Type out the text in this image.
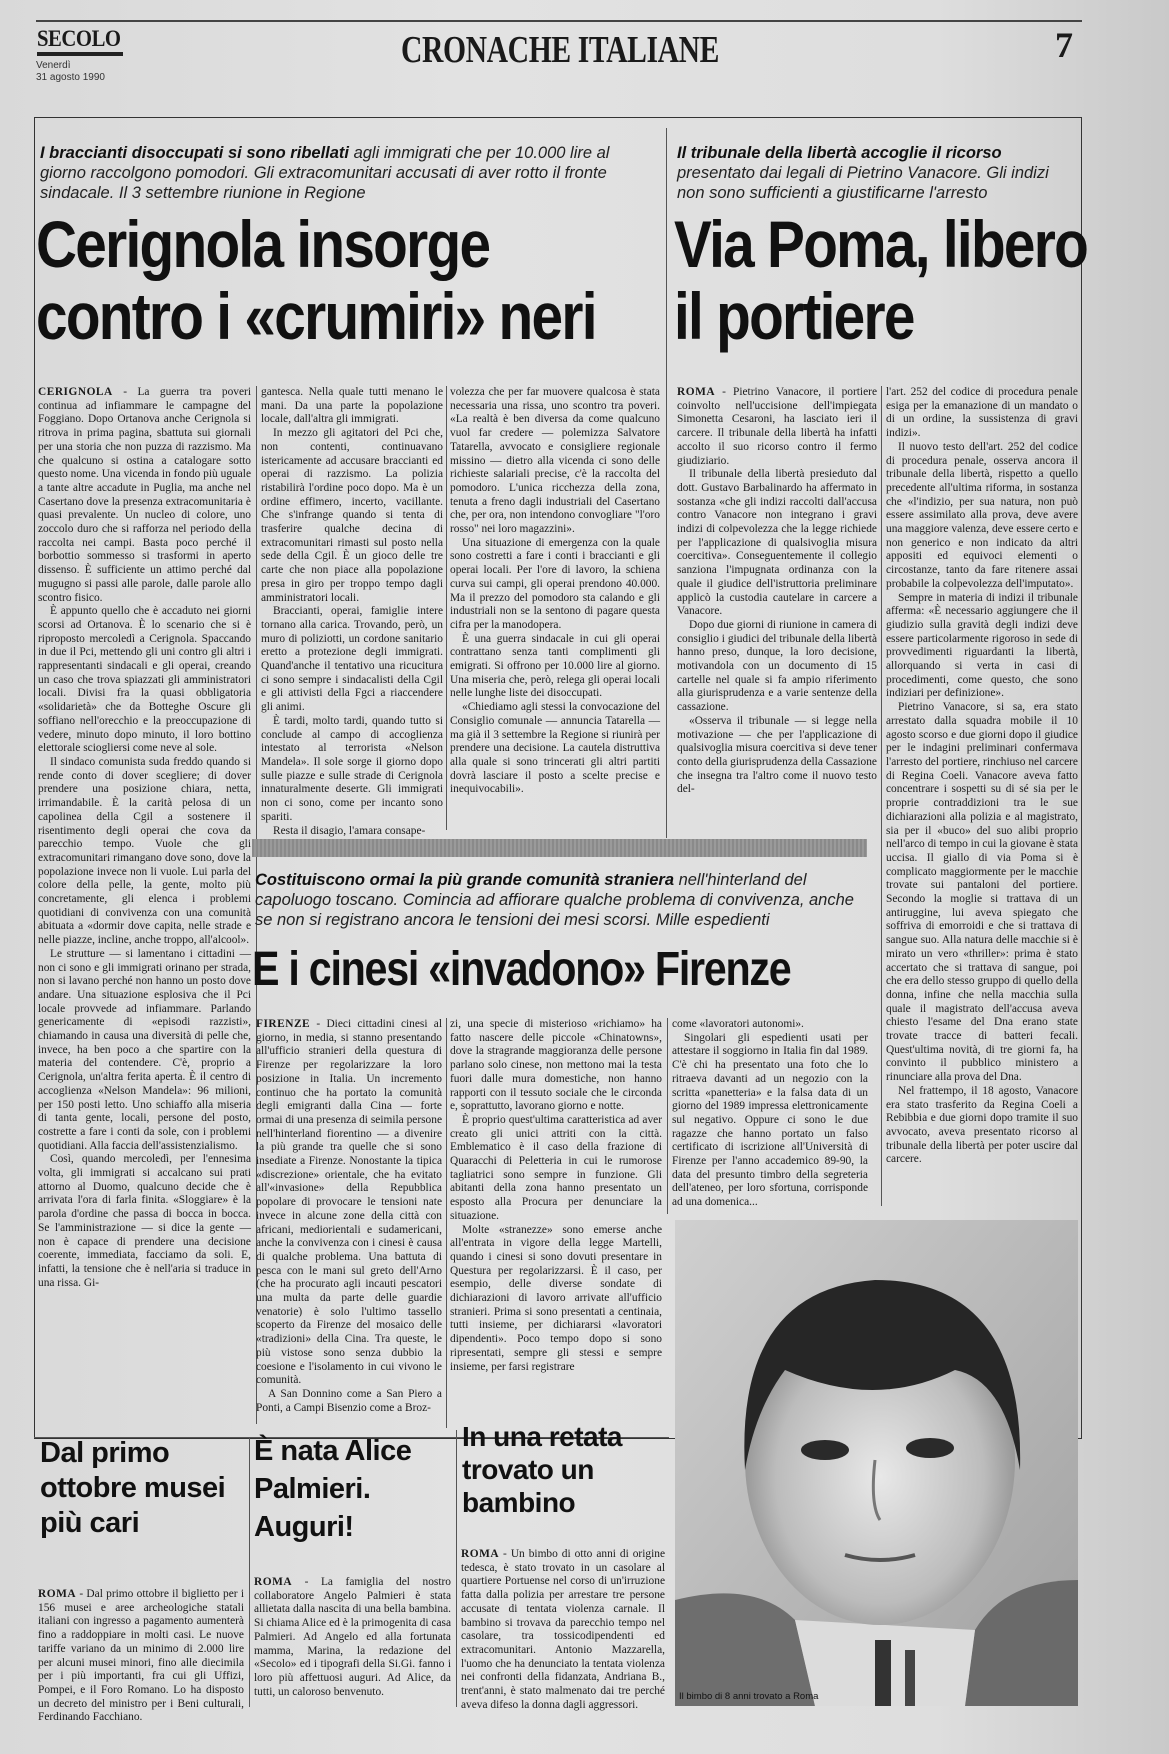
SECOLO
Venerdì
31 agosto 1990
CRONACHE ITALIANE	7
I braccianti disoccupati si sono ribellati agli immigrati che per 10.000 lire al giorno raccolgono pomodori. Gli extracomunitari accusati di aver rotto il fronte sindacale. Il 3 settembre riunione in Regione
Cerignola insorge
contro i «crumiri» neri

CERIGNOLA - La guerra tra poveri continua ad infiammare le campagne del Foggiano. Dopo Ortanova anche Cerignola si ritrova in prima pagina, sbattuta sui giornali per una storia che non puzza di razzismo. Ma che qualcuno si ostina a catalogare sotto questo nome. Una vicenda in fondo più uguale a tante altre accadute in Puglia, ma anche nel Casertano dove la presenza extracomunitaria è quasi prevalente. Un nucleo di colore, uno zoccolo duro che si rafforza nel periodo della raccolta nei campi. Basta poco perché il borbottio sommesso si trasformi in aperto dissenso. È sufficiente un attimo perché dal mugugno si passi alle parole, dalle parole allo scontro fisico.

È appunto quello che è accaduto nei giorni scorsi ad Ortanova. È lo scenario che si è riproposto mercoledì a Cerignola. Spaccando in due il Pci, mettendo gli uni contro gli altri i rappresentanti sindacali e gli operai, creando un caso che trova spiazzati gli amministratori locali. Divisi fra la quasi obbligatoria «solidarietà» che da Botteghe Oscure gli soffiano nell'orecchio e la preoccupazione di vedere, minuto dopo minuto, il loro bottino elettorale sciogliersi come neve al sole.

Il sindaco comunista suda freddo quando si rende conto di dover scegliere; di dover prendere una posizione chiara, netta, irrimandabile. È la carità pelosa di un capolinea della Cgil a sostenere il risentimento degli operai che cova da parecchio tempo. Vuole che gli extracomunitari rimangano dove sono, dove la popolazione invece non li vuole. Lui parla del colore della pelle, la gente, molto più concretamente, gli elenca i problemi quotidiani di convivenza con una comunità abituata a «dormir dove capita, nelle strade e nelle piazze, incline, anche troppo, all'alcool».

Le strutture — si lamentano i cittadini — non ci sono e gli immigrati orinano per strada, non si lavano perché non hanno un posto dove andare. Una situazione esplosiva che il Pci locale provvede ad infiammare. Parlando genericamente di «episodi razzisti», chiamando in causa una diversità di pelle che, invece, ha ben poco a che spartire con la materia del contendere. C'è, proprio a Cerignola, un'altra ferita aperta. È il centro di accoglienza «Nelson Mandela»: 96 milioni, per 150 posti letto. Uno schiaffo alla miseria di tanta gente, locali, persone del posto, costrette a fare i conti da sole, con i problemi quotidiani. Alla faccia dell'assistenzialismo.

Così, quando mercoledì, per l'ennesima volta, gli immigrati si accalcano sui prati attorno al Duomo, qualcuno decide che è arrivata l'ora di farla finita. «Sloggiare» è la parola d'ordine che passa di bocca in bocca. Se l'amministrazione — si dice la gente — non è capace di prendere una decisione coerente, immediata, facciamo da soli. E, infatti, la tensione che è nell'aria si traduce in una rissa. Gi-

gantesca. Nella quale tutti menano le mani. Da una parte la popolazione locale, dall'altra gli immigrati.

In mezzo gli agitatori del Pci che, non contenti, continuavano istericamente ad accusare braccianti ed operai di razzismo. La polizia ristabilirà l'ordine poco dopo. Ma è un ordine effimero, incerto, vacillante. Che s'infrange quando si tenta di trasferire qualche decina di extracomunitari rimasti sul posto nella sede della Cgil. È un gioco delle tre carte che non piace alla popolazione presa in giro per troppo tempo dagli amministratori locali.

Braccianti, operai, famiglie intere tornano alla carica. Trovando, però, un muro di poliziotti, un cordone sanitario eretto a protezione degli immigrati. Quand'anche il tentativo una ricucitura ci sono sempre i sindacalisti della Cgil e gli attivisti della Fgci a riaccendere gli animi.

È tardi, molto tardi, quando tutto si conclude al campo di accoglienza intestato al terrorista «Nelson Mandela». Il sole sorge il giorno dopo sulle piazze e sulle strade di Cerignola innaturalmente deserte. Gli immigrati non ci sono, come per incanto sono spariti.

Resta il disagio, l'amara consape-

volezza che per far muovere qualcosa è stata necessaria una rissa, uno scontro tra poveri. «La realtà è ben diversa da come qualcuno vuol far credere — polemizza Salvatore Tatarella, avvocato e consigliere regionale missino — dietro alla vicenda ci sono delle richieste salariali precise, c'è la raccolta del pomodoro. L'unica ricchezza della zona, tenuta a freno dagli industriali del Casertano che, per ora, non intendono convogliare "l'oro rosso" nei loro magazzini».

Una situazione di emergenza con la quale sono costretti a fare i conti i braccianti e gli operai locali. Per l'ore di lavoro, la schiena curva sui campi, gli operai prendono 40.000. Ma il prezzo del pomodoro sta calando e gli industriali non se la sentono di pagare questa cifra per la manodopera.

È una guerra sindacale in cui gli operai contrattano senza tanti complimenti gli emigrati. Si offrono per 10.000 lire al giorno. Una miseria che, però, relega gli operai locali nelle lunghe liste dei disoccupati.

«Chiediamo agli stessi la convocazione del Consiglio comunale — annuncia Tatarella — ma già il 3 settembre la Regione si riunirà per prendere una decisione. La cautela distruttiva alla quale si sono trincerati gli altri partiti dovrà lasciare il posto a scelte precise e inequivocabili».

Il tribunale della libertà accoglie il ricorso presentato dai legali di Pietrino Vanacore. Gli indizi non sono sufficienti a giustificarne l'arresto
Via Poma, libero
il portiere

ROMA - Pietrino Vanacore, il portiere coinvolto nell'uccisione dell'impiegata Simonetta Cesaroni, ha lasciato ieri il carcere. Il tribunale della libertà ha infatti accolto il suo ricorso contro il fermo giudiziario.

Il tribunale della libertà presieduto dal dott. Gustavo Barbalinardo ha affermato in sostanza «che gli indizi raccolti dall'accusa contro Vanacore non integrano i gravi indizi di colpevolezza che la legge richiede per l'applicazione di qualsivoglia misura coercitiva». Conseguentemente il collegio sanziona l'impugnata ordinanza con la quale il giudice dell'istruttoria preliminare applicò la custodia cautelare in carcere a Vanacore.

Dopo due giorni di riunione in camera di consiglio i giudici del tribunale della libertà hanno preso, dunque, la loro decisione, motivandola con un documento di 15 cartelle nel quale si fa ampio riferimento alla giurisprudenza e a varie sentenze della cassazione.

«Osserva il tribunale — si legge nella motivazione — che per l'applicazione di qualsivoglia misura coercitiva si deve tener conto della giurisprudenza della Cassazione che insegna tra l'altro come il nuovo testo del-

l'art. 252 del codice di procedura penale esiga per la emanazione di un mandato o di un ordine, la sussistenza di gravi indizi».

Il nuovo testo dell'art. 252 del codice di procedura penale, osserva ancora il tribunale della libertà, rispetto a quello precedente all'ultima riforma, in sostanza che «l'indizio, per sua natura, non può essere assimilato alla prova, deve avere una maggiore valenza, deve essere certo e non generico e non indicato da altri appositi ed equivoci elementi o circostanze, tanto da fare ritenere assai probabile la colpevolezza dell'imputato».

Sempre in materia di indizi il tribunale afferma: «È necessario aggiungere che il giudizio sulla gravità degli indizi deve essere particolarmente rigoroso in sede di provvedimenti riguardanti la libertà, allorquando si verta in casi di procedimenti, come questo, che sono indiziari per definizione».

Pietrino Vanacore, si sa, era stato arrestato dalla squadra mobile il 10 agosto scorso e due giorni dopo il giudice per le indagini preliminari confermava l'arresto del portiere, rinchiuso nel carcere di Regina Coeli. Vanacore aveva fatto concentrare i sospetti su di sé sia per le proprie contraddizioni tra le sue dichiarazioni alla polizia e al magistrato, sia per il «buco» del suo alibi proprio nell'arco di tempo in cui la giovane è stata uccisa. Il giallo di via Poma si è complicato maggiormente per le macchie trovate sui pantaloni del portiere. Secondo la moglie si trattava di un antiruggine, lui aveva spiegato che soffriva di emorroidi e che si trattava di sangue suo. Alla natura delle macchie si è mirato un vero «thriller»: prima è stato accertato che si trattava di sangue, poi che era dello stesso gruppo di quello della donna, infine che nella macchia sulla quale il magistrato dell'accusa aveva chiesto l'esame del Dna erano state trovate tracce di batteri fecali. Quest'ultima novità, di tre giorni fa, ha convinto il pubblico ministero a rinunciare alla prova del Dna.

Nel frattempo, il 18 agosto, Vanacore era stato trasferito da Regina Coeli a Rebibbia e due giorni dopo tramite il suo avvocato, aveva presentato ricorso al tribunale della libertà per poter uscire dal carcere.

Costituiscono ormai la più grande comunità straniera nell'hinterland del capoluogo toscano. Comincia ad affiorare qualche problema di convivenza, anche se non si registrano ancora le tensioni dei mesi scorsi. Mille espedienti
E i cinesi «invadono» Firenze

FIRENZE - Dieci cittadini cinesi al giorno, in media, si stanno presentando all'ufficio stranieri della questura di Firenze per regolarizzare la loro posizione in Italia. Un incremento continuo che ha portato la comunità degli emigranti dalla Cina — forte ormai di una presenza di seimila persone nell'hinterland fiorentino — a divenire la più grande tra quelle che si sono insediate a Firenze. Nonostante la tipica «discrezione» orientale, che ha evitato all'«invasione» della Repubblica popolare di provocare le tensioni nate invece in alcune zone della città con africani, mediorientali e sudamericani, anche la convivenza con i cinesi è causa di qualche problema. Una battuta di pesca con le mani sul greto dell'Arno (che ha procurato agli incauti pescatori una multa da parte delle guardie venatorie) è solo l'ultimo tassello scoperto da Firenze del mosaico delle «tradizioni» della Cina. Tra queste, le più vistose sono senza dubbio la coesione e l'isolamento in cui vivono le comunità.

A San Donnino come a San Piero a Ponti, a Campi Bisenzio come a Broz-

zi, una specie di misterioso «richiamo» ha fatto nascere delle piccole «Chinatowns», dove la stragrande maggioranza delle persone parlano solo cinese, non mettono mai la testa fuori dalle mura domestiche, non hanno rapporti con il tessuto sociale che le circonda e, soprattutto, lavorano giorno e notte.

È proprio quest'ultima caratteristica ad aver creato gli unici attriti con la città. Emblematico è il caso della frazione di Quaracchi di Peletteria in cui le rumorose tagliatrici sono sempre in funzione. Gli abitanti della zona hanno presentato un esposto alla Procura per denunciare la situazione.

Molte «stranezze» sono emerse anche all'entrata in vigore della legge Martelli, quando i cinesi si sono dovuti presentare in Questura per regolarizzarsi. È il caso, per esempio, delle diverse sondate di dichiarazioni di lavoro arrivate all'ufficio stranieri. Prima si sono presentati a centinaia, tutti insieme, per dichiararsi «lavoratori dipendenti». Poco tempo dopo si sono ripresentati, sempre gli stessi e sempre insieme, per farsi registrare

come «lavoratori autonomi».

Singolari gli espedienti usati per attestare il soggiorno in Italia fin dal 1989. C'è chi ha presentato una foto che lo ritraeva davanti ad un negozio con la scritta «panetteria» e la falsa data di un giorno del 1989 impressa elettronicamente sul negativo. Oppure ci sono le due ragazze che hanno portato un falso certificato di iscrizione all'Università di Firenze per l'anno accademico 89-90, la data del presunto timbro della segreteria dell'ateneo, per loro sfortuna, corrisponde ad una domenica...

Il bimbo di 8 anni trovato a Roma
Dal primo ottobre musei più cari

ROMA - Dal primo ottobre il biglietto per i 156 musei e aree archeologiche statali italiani con ingresso a pagamento aumenterà fino a raddoppiare in molti casi. Le nuove tariffe variano da un minimo di 2.000 lire per alcuni musei minori, fino alle diecimila per i più importanti, fra cui gli Uffizi, Pompei, e il Foro Romano. Lo ha disposto un decreto del ministro per i Beni culturali, Ferdinando Facchiano.

È nata Alice Palmieri. Auguri!

ROMA - La famiglia del nostro collaboratore Angelo Palmieri è stata allietata dalla nascita di una bella bambina. Si chiama Alice ed è la primogenita di casa Palmieri. Ad Angelo ed alla fortunata mamma, Marina, la redazione del «Secolo» ed i tipografi della Si.Gi. fanno i loro più affettuosi auguri. Ad Alice, da tutti, un caloroso benvenuto.

In una retata trovato un bambino

ROMA - Un bimbo di otto anni di origine tedesca, è stato trovato in un casolare al quartiere Portuense nel corso di un'irruzione fatta dalla polizia per arrestare tre persone accusate di tentata violenza carnale. Il bambino si trovava da parecchio tempo nel casolare, tra tossicodipendenti ed extracomunitari. Antonio Mazzarella, l'uomo che ha denunciato la tentata violenza nei confronti della fidanzata, Andriana B., trent'anni, è stato malmenato dai tre perché aveva difeso la donna dagli aggressori.
